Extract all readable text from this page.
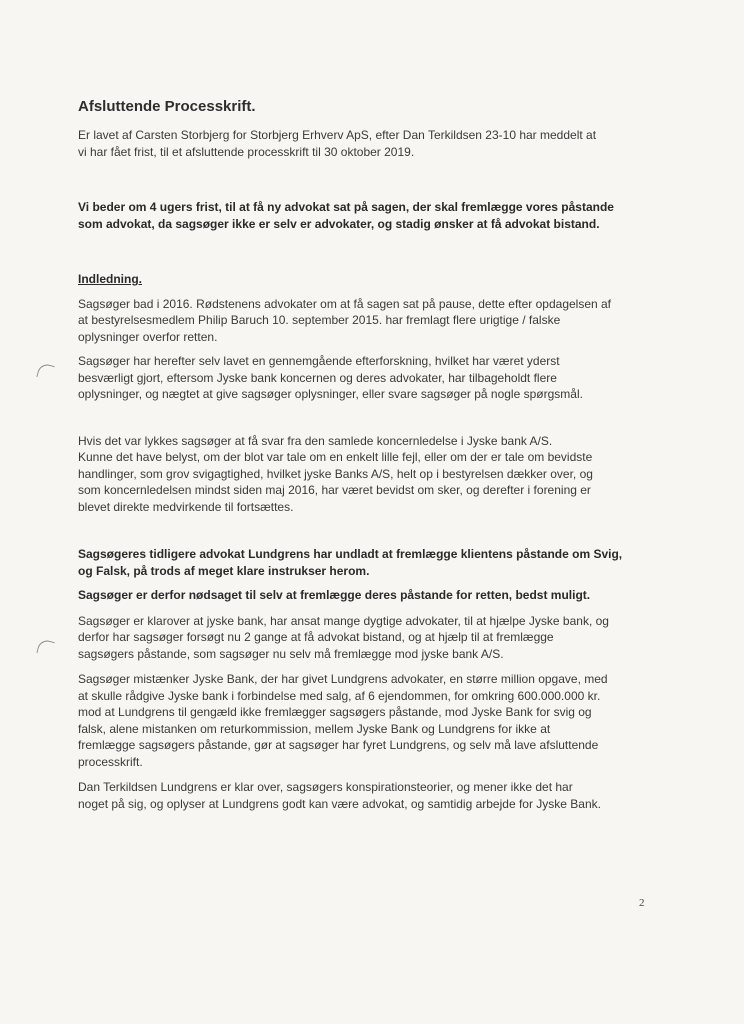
Afsluttende Processkrift.

Er lavet af Carsten Storbjerg for Storbjerg Erhverv ApS, efter Dan Terkildsen 23-10 har meddelt at
vi har fået frist, til et afsluttende processkrift til 30 oktober 2019.

Vi beder om 4 ugers frist, til at få ny advokat sat på sagen, der skal fremlægge vores påstande
som advokat, da sagsøger ikke er selv er advokater, og stadig ønsker at få advokat bistand.

Indledning.

Sagsøger bad i 2016. Rødstenens advokater om at få sagen sat på pause, dette efter opdagelsen af
at bestyrelsesmedlem Philip Baruch 10. september 2015. har fremlagt flere urigtige / falske
oplysninger overfor retten.

Sagsøger har herefter selv lavet en gennemgående efterforskning, hvilket har været yderst
besværligt gjort, eftersom Jyske bank koncernen og deres advokater, har tilbageholdt flere
oplysninger, og nægtet at give sagsøger oplysninger, eller svare sagsøger på nogle spørgsmål.

Hvis det var lykkes sagsøger at få svar fra den samlede koncernledelse i Jyske bank A/S.
Kunne det have belyst, om der blot var tale om en enkelt lille fejl, eller om der er tale om bevidste
handlinger, som grov svigagtighed, hvilket jyske Banks A/S, helt op i bestyrelsen dækker over, og
som koncernledelsen mindst siden maj 2016, har været bevidst om sker, og derefter i forening er
blevet direkte medvirkende til fortsættes.

Sagsøgeres tidligere advokat Lundgrens har undladt at fremlægge klientens påstande om Svig,
og Falsk, på trods af meget klare instrukser herom.

Sagsøger er derfor nødsaget til selv at fremlægge deres påstande for retten, bedst muligt.

Sagsøger er klarover at jyske bank, har ansat mange dygtige advokater, til at hjælpe Jyske bank, og
derfor har sagsøger forsøgt nu 2 gange at få advokat bistand, og at hjælp til at fremlægge
sagsøgers påstande, som sagsøger nu selv må fremlægge mod jyske bank A/S.

Sagsøger mistænker Jyske Bank, der har givet Lundgrens advokater, en større million opgave, med
at skulle rådgive Jyske bank i forbindelse med salg, af 6 ejendommen, for omkring 600.000.000 kr.
mod at Lundgrens til gengæld ikke fremlægger sagsøgers påstande, mod Jyske Bank for svig og
falsk, alene mistanken om returkommission, mellem Jyske Bank og Lundgrens for ikke at
fremlægge sagsøgers påstande, gør at sagsøger har fyret Lundgrens, og selv må lave afsluttende
processkrift.

Dan Terkildsen Lundgrens er klar over, sagsøgers konspirationsteorier, og mener ikke det har
noget på sig, og oplyser at Lundgrens godt kan være advokat, og samtidig arbejde for Jyske Bank.

2
